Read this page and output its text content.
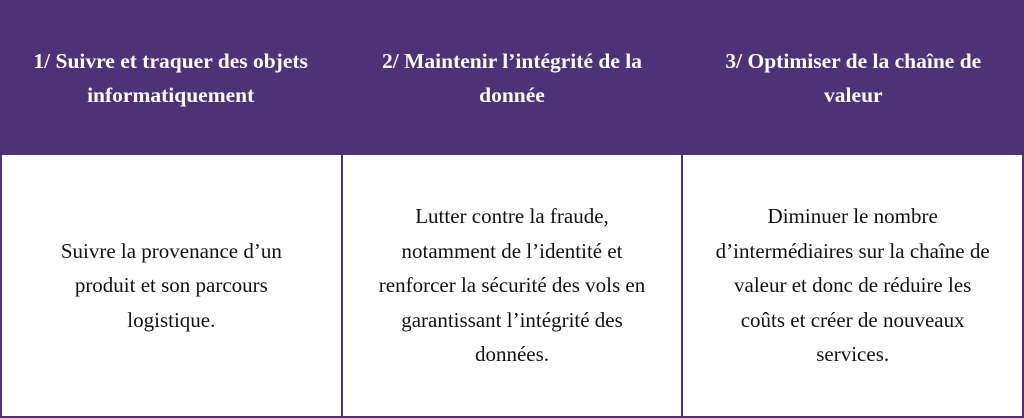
1/ Suivre et traquer des objets informatiquement
2/ Maintenir l’intégrité de la donnée
3/ Optimiser de la chaîne de valeur
Suivre la provenance d’un produit et son parcours logistique.
Lutter contre la fraude, notamment de l’identité et renforcer la sécurité des vols en garantissant l’intégrité des données.
Diminuer le nombre d’intermédiaires sur la chaîne de valeur et donc de réduire les coûts et créer de nouveaux services.
